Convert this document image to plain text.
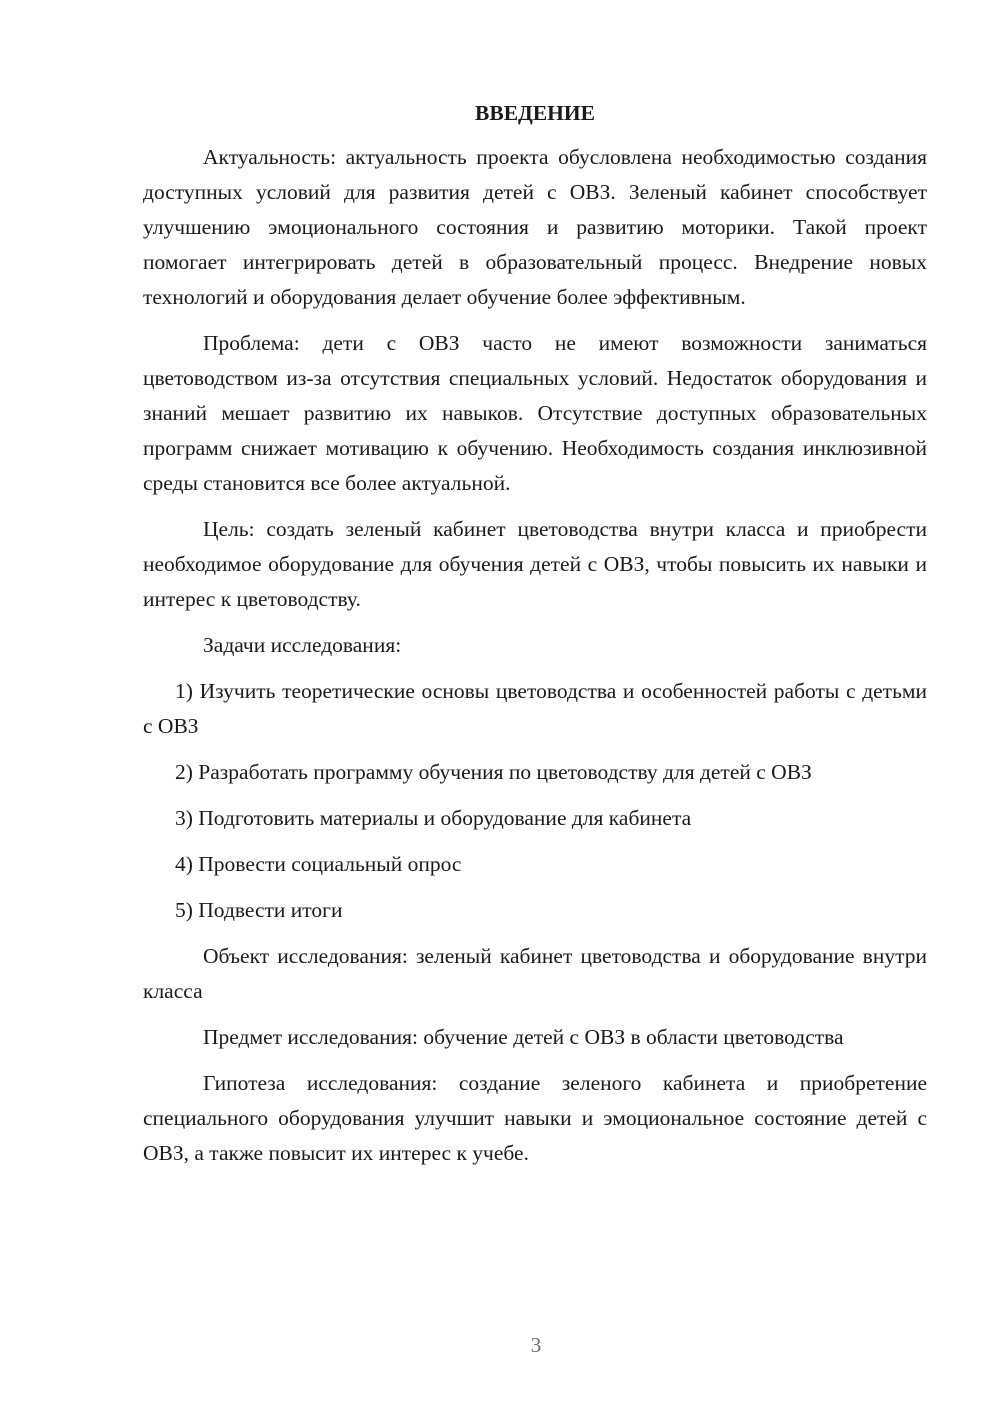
ВВЕДЕНИЕ

Актуальность: актуальность проекта обусловлена необходимостью создания доступных условий для развития детей с ОВЗ. Зеленый кабинет способствует улучшению эмоционального состояния и развитию моторики. Такой проект помогает интегрировать детей в образовательный процесс. Внедрение новых технологий и оборудования делает обучение более эффективным.

Проблема: дети с ОВЗ часто не имеют возможности заниматься цветоводством из-за отсутствия специальных условий. Недостаток оборудования и знаний мешает развитию их навыков. Отсутствие доступных образовательных программ снижает мотивацию к обучению. Необходимость создания инклюзивной среды становится все более актуальной.

Цель: создать зеленый кабинет цветоводства внутри класса и приобрести необходимое оборудование для обучения детей с ОВЗ, чтобы повысить их навыки и интерес к цветоводству.

Задачи исследования:

1) Изучить теоретические основы цветоводства и особенностей работы с детьми с ОВЗ
2) Разработать программу обучения по цветоводству для детей с ОВЗ
3) Подготовить материалы и оборудование для кабинета
4) Провести социальный опрос
5) Подвести итоги

Объект исследования: зеленый кабинет цветоводства и оборудование внутри класса

Предмет исследования: обучение детей с ОВЗ в области цветоводства

Гипотеза исследования: создание зеленого кабинета и приобретение специального оборудования улучшит навыки и эмоциональное состояние детей с ОВЗ, а также повысит их интерес к учебе.

3
